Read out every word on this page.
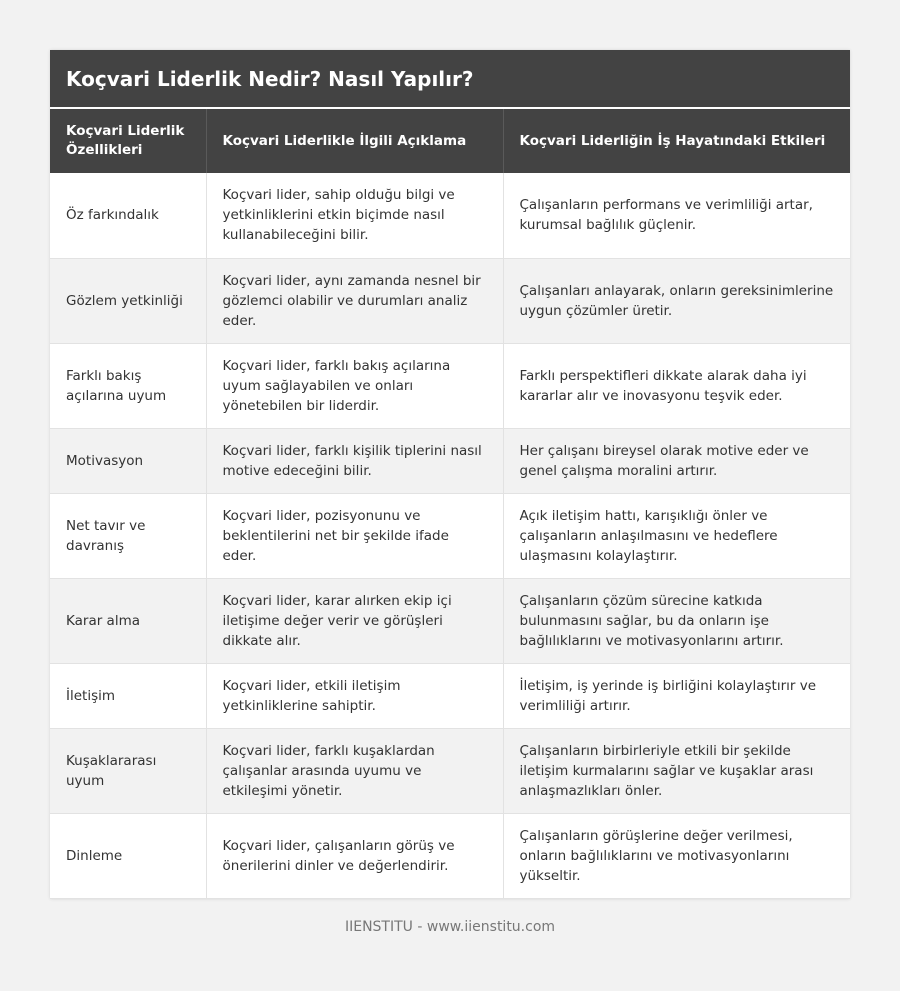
Koçvari Liderlik Nedir? Nasıl Yapılır?
Koçvari Liderlik Özellikleri	Koçvari Liderlikle İlgili Açıklama	Koçvari Liderliğin İş Hayatındaki Etkileri
Öz farkındalık	Koçvari lider, sahip olduğu bilgi ve yetkinliklerini etkin biçimde nasıl kullanabileceğini bilir.	Çalışanların performans ve verimliliği artar, kurumsal bağlılık güçlenir.
Gözlem yetkinliği	Koçvari lider, aynı zamanda nesnel bir gözlemci olabilir ve durumları analiz eder.	Çalışanları anlayarak, onların gereksinimlerine uygun çözümler üretir.
Farklı bakış açılarına uyum	Koçvari lider, farklı bakış açılarına uyum sağlayabilen ve onları yönetebilen bir liderdir.	Farklı perspektifleri dikkate alarak daha iyi kararlar alır ve inovasyonu teşvik eder.
Motivasyon	Koçvari lider, farklı kişilik tiplerini nasıl motive edeceğini bilir.	Her çalışanı bireysel olarak motive eder ve genel çalışma moralini artırır.
Net tavır ve davranış	Koçvari lider, pozisyonunu ve beklentilerini net bir şekilde ifade eder.	Açık iletişim hattı, karışıklığı önler ve çalışanların anlaşılmasını ve hedeflere ulaşmasını kolaylaştırır.
Karar alma	Koçvari lider, karar alırken ekip içi iletişime değer verir ve görüşleri dikkate alır.	Çalışanların çözüm sürecine katkıda bulunmasını sağlar, bu da onların işe bağlılıklarını ve motivasyonlarını artırır.
İletişim	Koçvari lider, etkili iletişim yetkinliklerine sahiptir.	İletişim, iş yerinde iş birliğini kolaylaştırır ve verimliliği artırır.
Kuşaklararası uyum	Koçvari lider, farklı kuşaklardan çalışanlar arasında uyumu ve etkileşimi yönetir.	Çalışanların birbirleriyle etkili bir şekilde iletişim kurmalarını sağlar ve kuşaklar arası anlaşmazlıkları önler.
Dinleme	Koçvari lider, çalışanların görüş ve önerilerini dinler ve değerlendirir.	Çalışanların görüşlerine değer verilmesi, onların bağlılıklarını ve motivasyonlarını yükseltir.
IIENSTITU - www.iienstitu.com
